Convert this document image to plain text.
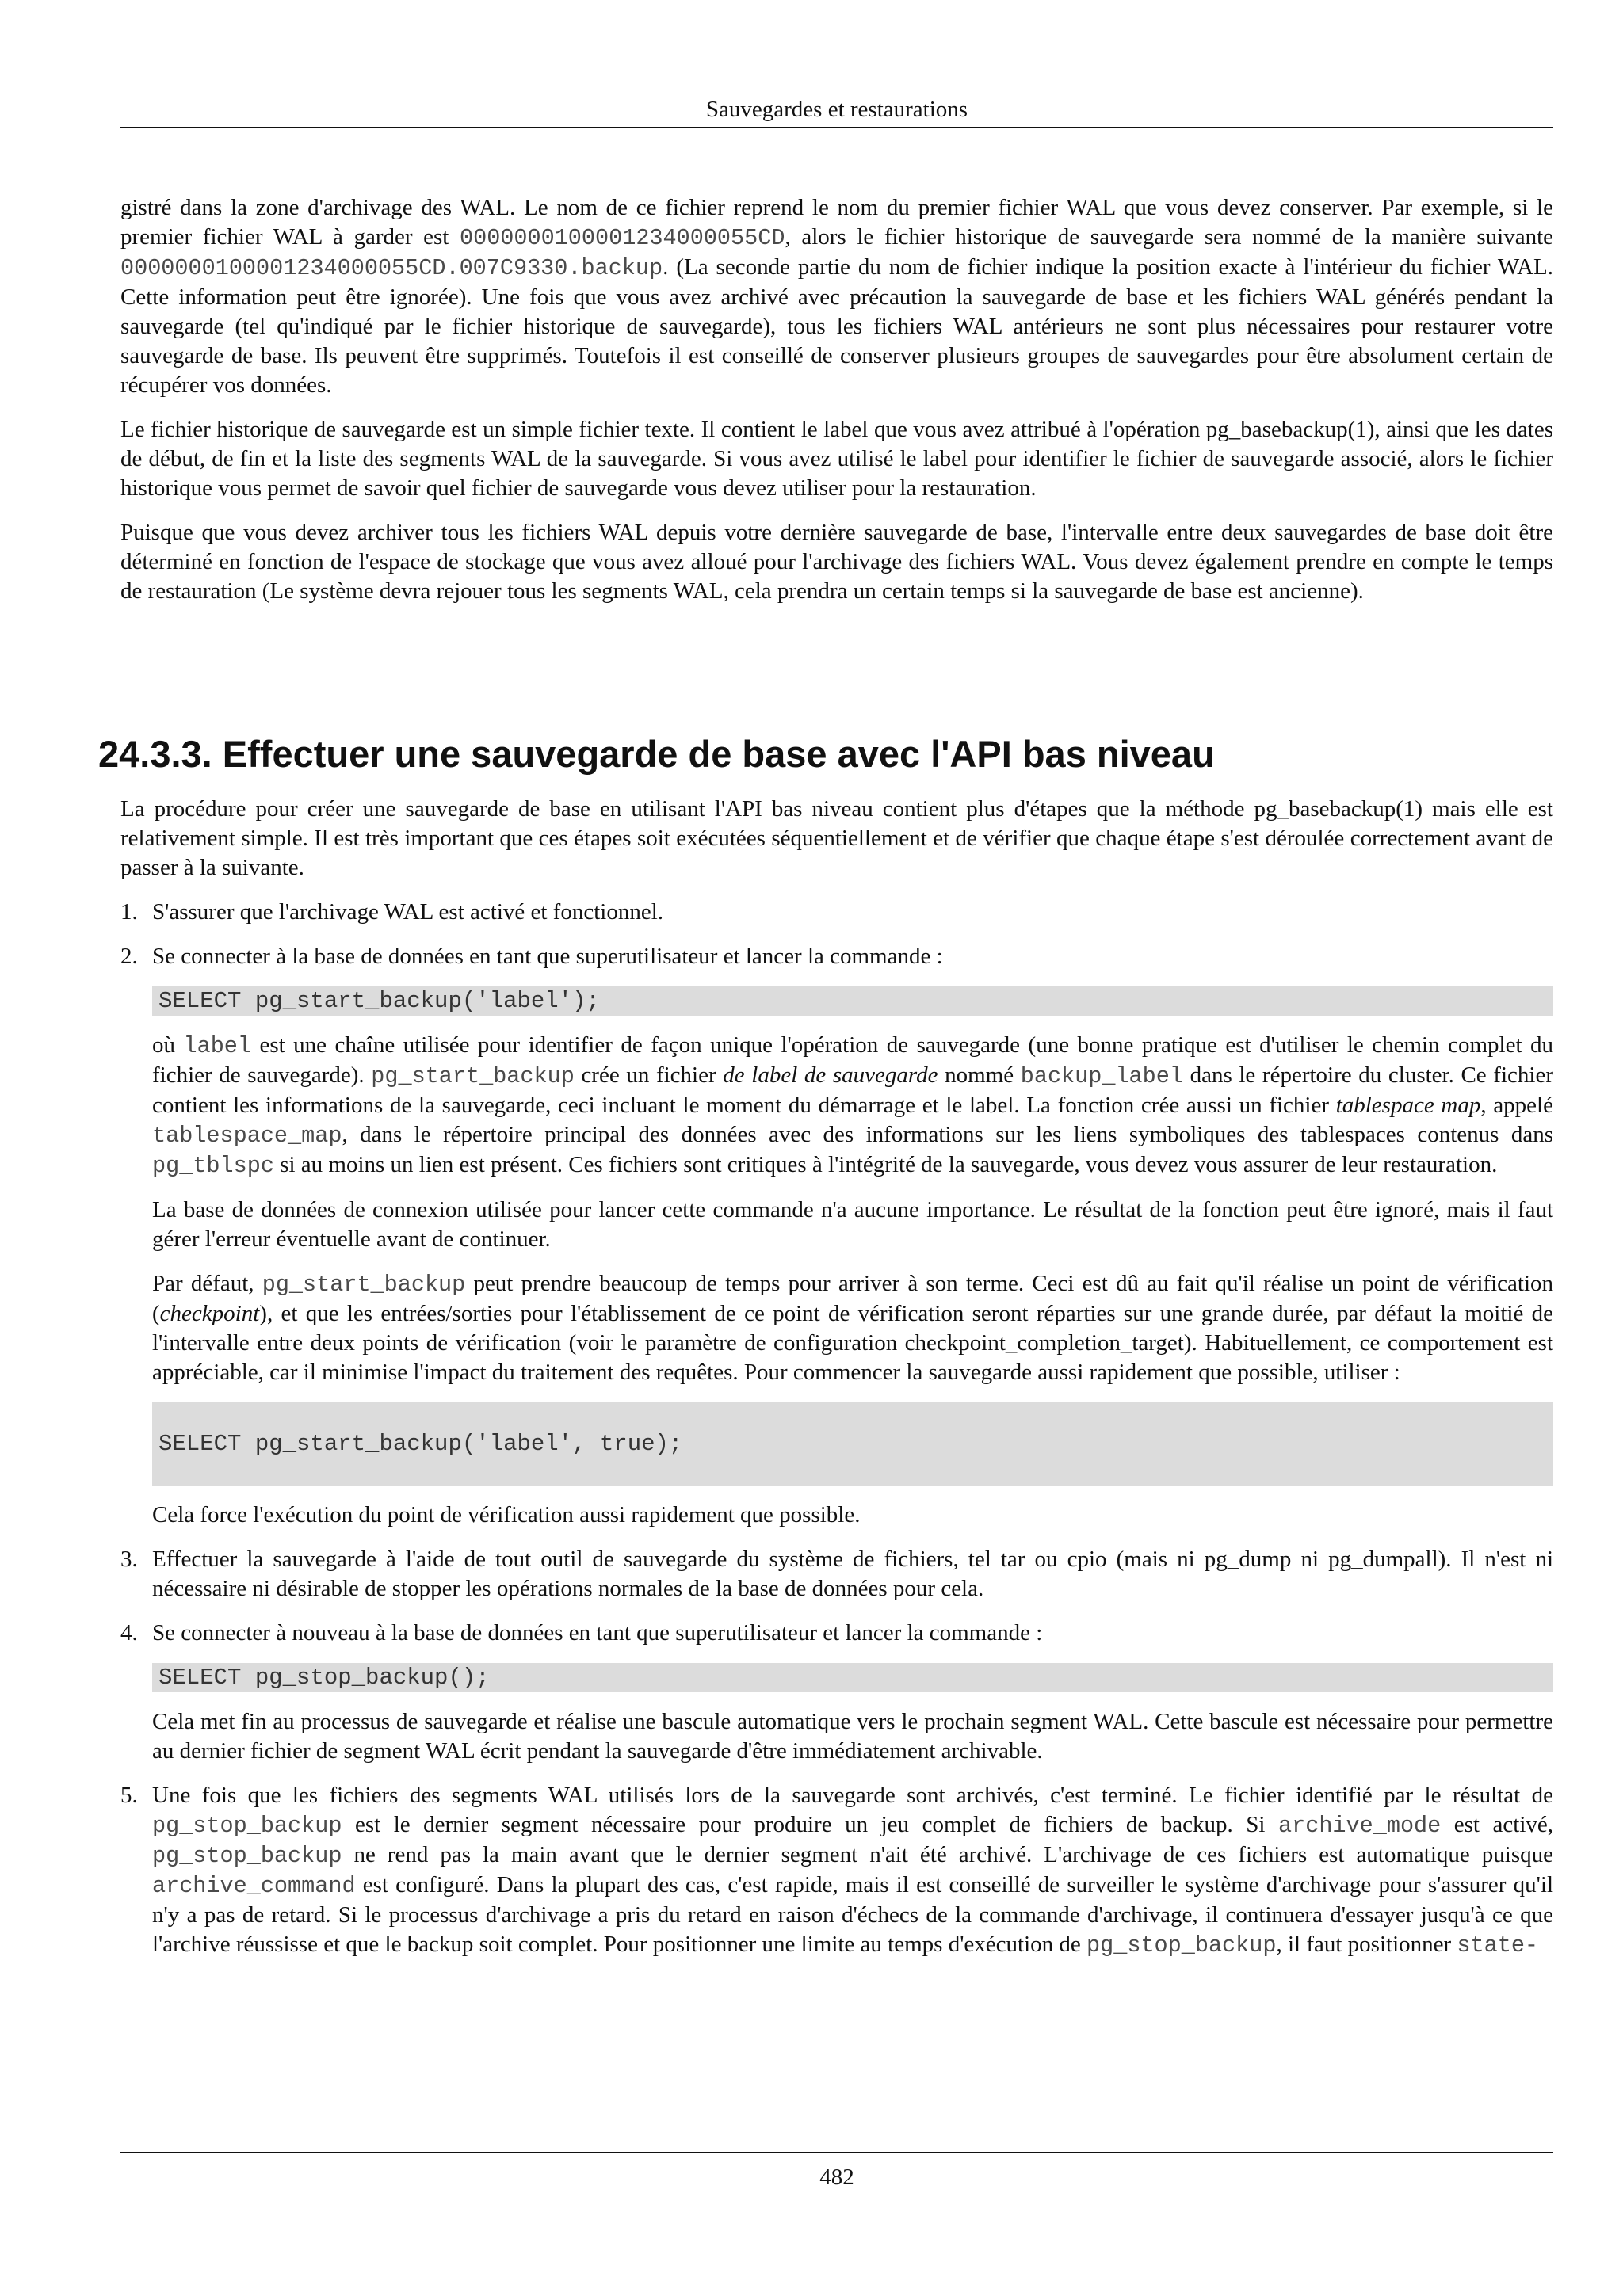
Sauvegardes et restaurations

gistré dans la zone d'archivage des WAL. Le nom de ce fichier reprend le nom du premier fichier WAL que vous devez conserver. Par exemple, si le premier fichier WAL à garder est 0000000100001234000055CD, alors le fichier historique de sauvegarde sera nommé de la manière suivante 0000000100001234000055CD.007C9330.backup. (La seconde partie du nom de fichier indique la position exacte à l'intérieur du fichier WAL. Cette information peut être ignorée). Une fois que vous avez archivé avec précaution la sauvegarde de base et les fichiers WAL générés pendant la sauvegarde (tel qu'indiqué par le fichier historique de sauvegarde), tous les fichiers WAL antérieurs ne sont plus nécessaires pour restaurer votre sauvegarde de base. Ils peuvent être supprimés. Toutefois il est conseillé de conserver plusieurs groupes de sauvegardes pour être absolument certain de récupérer vos données.

Le fichier historique de sauvegarde est un simple fichier texte. Il contient le label que vous avez attribué à l'opération pg_basebackup(1), ainsi que les dates de début, de fin et la liste des segments WAL de la sauvegarde. Si vous avez utilisé le label pour identifier le fichier de sauvegarde associé, alors le fichier historique vous permet de savoir quel fichier de sauvegarde vous devez utiliser pour la restauration.

Puisque que vous devez archiver tous les fichiers WAL depuis votre dernière sauvegarde de base, l'intervalle entre deux sauvegardes de base doit être déterminé en fonction de l'espace de stockage que vous avez alloué pour l'archivage des fichiers WAL. Vous devez également prendre en compte le temps de restauration (Le système devra rejouer tous les segments WAL, cela prendra un certain temps si la sauvegarde de base est ancienne).

24.3.3. Effectuer une sauvegarde de base avec l'API bas niveau

La procédure pour créer une sauvegarde de base en utilisant l'API bas niveau contient plus d'étapes que la méthode pg_basebackup(1) mais elle est relativement simple. Il est très important que ces étapes soit exécutées séquentiellement et de vérifier que chaque étape s'est déroulée correctement avant de passer à la suivante.

1. S'assurer que l'archivage WAL est activé et fonctionnel.

2. Se connecter à la base de données en tant que superutilisateur et lancer la commande :

SELECT pg_start_backup('label');

où label est une chaîne utilisée pour identifier de façon unique l'opération de sauvegarde (une bonne pratique est d'utiliser le chemin complet du fichier de sauvegarde). pg_start_backup crée un fichier de label de sauvegarde nommé backup_label dans le répertoire du cluster. Ce fichier contient les informations de la sauvegarde, ceci incluant le moment du démarrage et le label. La fonction crée aussi un fichier tablespace map, appelé tablespace_map, dans le répertoire principal des données avec des informations sur les liens symboliques des tablespaces contenus dans pg_tblspc si au moins un lien est présent. Ces fichiers sont critiques à l'intégrité de la sauvegarde, vous devez vous assurer de leur restauration.

La base de données de connexion utilisée pour lancer cette commande n'a aucune importance. Le résultat de la fonction peut être ignoré, mais il faut gérer l'erreur éventuelle avant de continuer.

Par défaut, pg_start_backup peut prendre beaucoup de temps pour arriver à son terme. Ceci est dû au fait qu'il réalise un point de vérification (checkpoint), et que les entrées/sorties pour l'établissement de ce point de vérification seront réparties sur une grande durée, par défaut la moitié de l'intervalle entre deux points de vérification (voir le paramètre de configuration checkpoint_completion_target). Habituellement, ce comportement est appréciable, car il minimise l'impact du traitement des requêtes. Pour commencer la sauvegarde aussi rapidement que possible, utiliser :

SELECT pg_start_backup('label', true);

Cela force l'exécution du point de vérification aussi rapidement que possible.

3. Effectuer la sauvegarde à l'aide de tout outil de sauvegarde du système de fichiers, tel tar ou cpio (mais ni pg_dump ni pg_dumpall). Il n'est ni nécessaire ni désirable de stopper les opérations normales de la base de données pour cela.

4. Se connecter à nouveau à la base de données en tant que superutilisateur et lancer la commande :

SELECT pg_stop_backup();

Cela met fin au processus de sauvegarde et réalise une bascule automatique vers le prochain segment WAL. Cette bascule est nécessaire pour permettre au dernier fichier de segment WAL écrit pendant la sauvegarde d'être immédiatement archivable.

5. Une fois que les fichiers des segments WAL utilisés lors de la sauvegarde sont archivés, c'est terminé. Le fichier identifié par le résultat de pg_stop_backup est le dernier segment nécessaire pour produire un jeu complet de fichiers de backup. Si archive_mode est activé, pg_stop_backup ne rend pas la main avant que le dernier segment n'ait été archivé. L'archivage de ces fichiers est automatique puisque archive_command est configuré. Dans la plupart des cas, c'est rapide, mais il est conseillé de surveiller le système d'archivage pour s'assurer qu'il n'y a pas de retard. Si le processus d'archivage a pris du retard en raison d'échecs de la commande d'archivage, il continuera d'essayer jusqu'à ce que l'archive réussisse et que le backup soit complet. Pour positionner une limite au temps d'exécution de pg_stop_backup, il faut positionner state-

482
